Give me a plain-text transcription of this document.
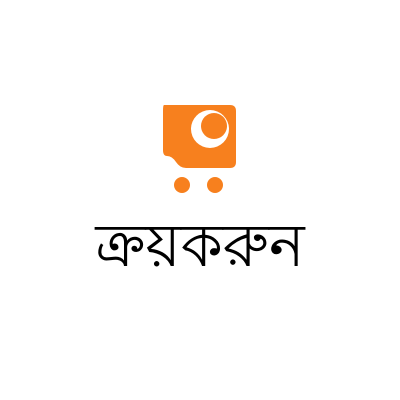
ক্রয়করুন
